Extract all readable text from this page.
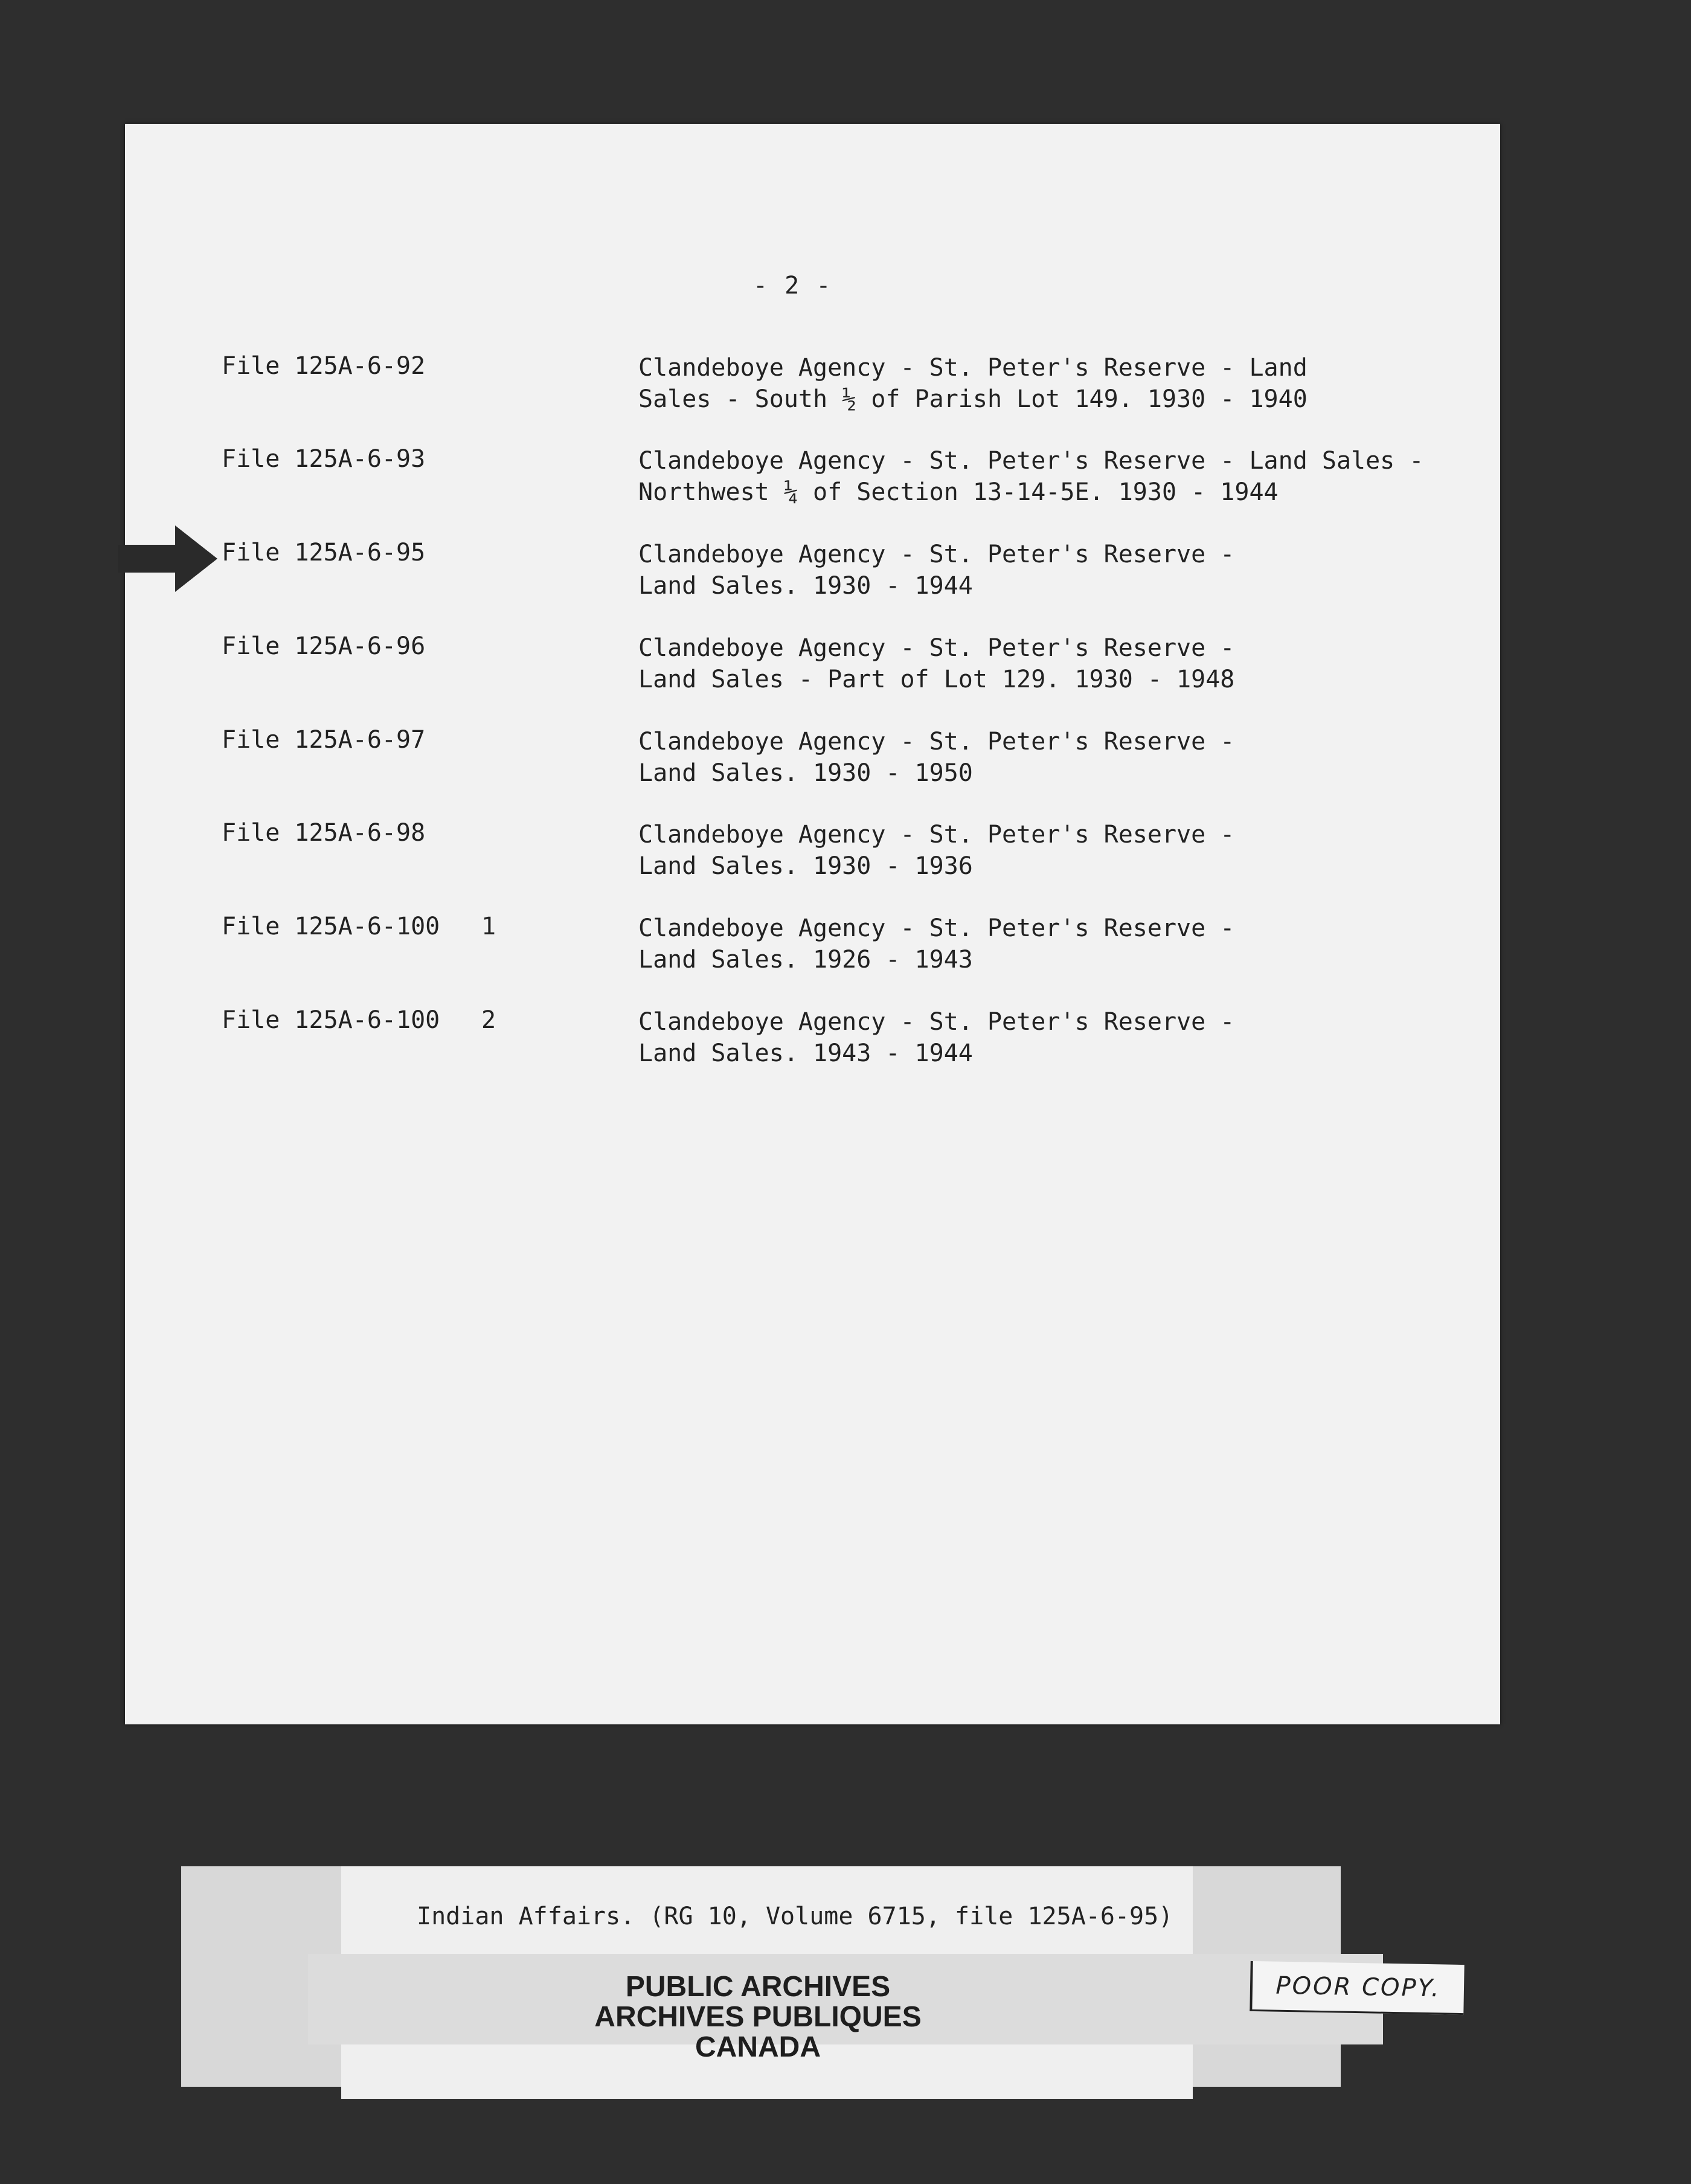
- 2 -
File 125A-6-92	Clandeboye Agency - St. Peter's Reserve - Land
Sales - South ½ of Parish Lot 149. 1930 - 1940
File 125A-6-93	Clandeboye Agency - St. Peter's Reserve - Land Sales -
Northwest ¼ of Section 13-14-5E. 1930 - 1944
File 125A-6-95	Clandeboye Agency - St. Peter's Reserve -
Land Sales. 1930 - 1944
File 125A-6-96	Clandeboye Agency - St. Peter's Reserve -
Land Sales - Part of Lot 129. 1930 - 1948
File 125A-6-97	Clandeboye Agency - St. Peter's Reserve -
Land Sales. 1930 - 1950
File 125A-6-98	Clandeboye Agency - St. Peter's Reserve -
Land Sales. 1930 - 1936
File 125A-6-100 1	Clandeboye Agency - St. Peter's Reserve -
Land Sales. 1926 - 1943
File 125A-6-100 2	Clandeboye Agency - St. Peter's Reserve -
Land Sales. 1943 - 1944
Indian Affairs. (RG 10, Volume 6715, file 125A-6-95)
PUBLIC ARCHIVES
ARCHIVES PUBLIQUES
CANADA
POOR COPY.
